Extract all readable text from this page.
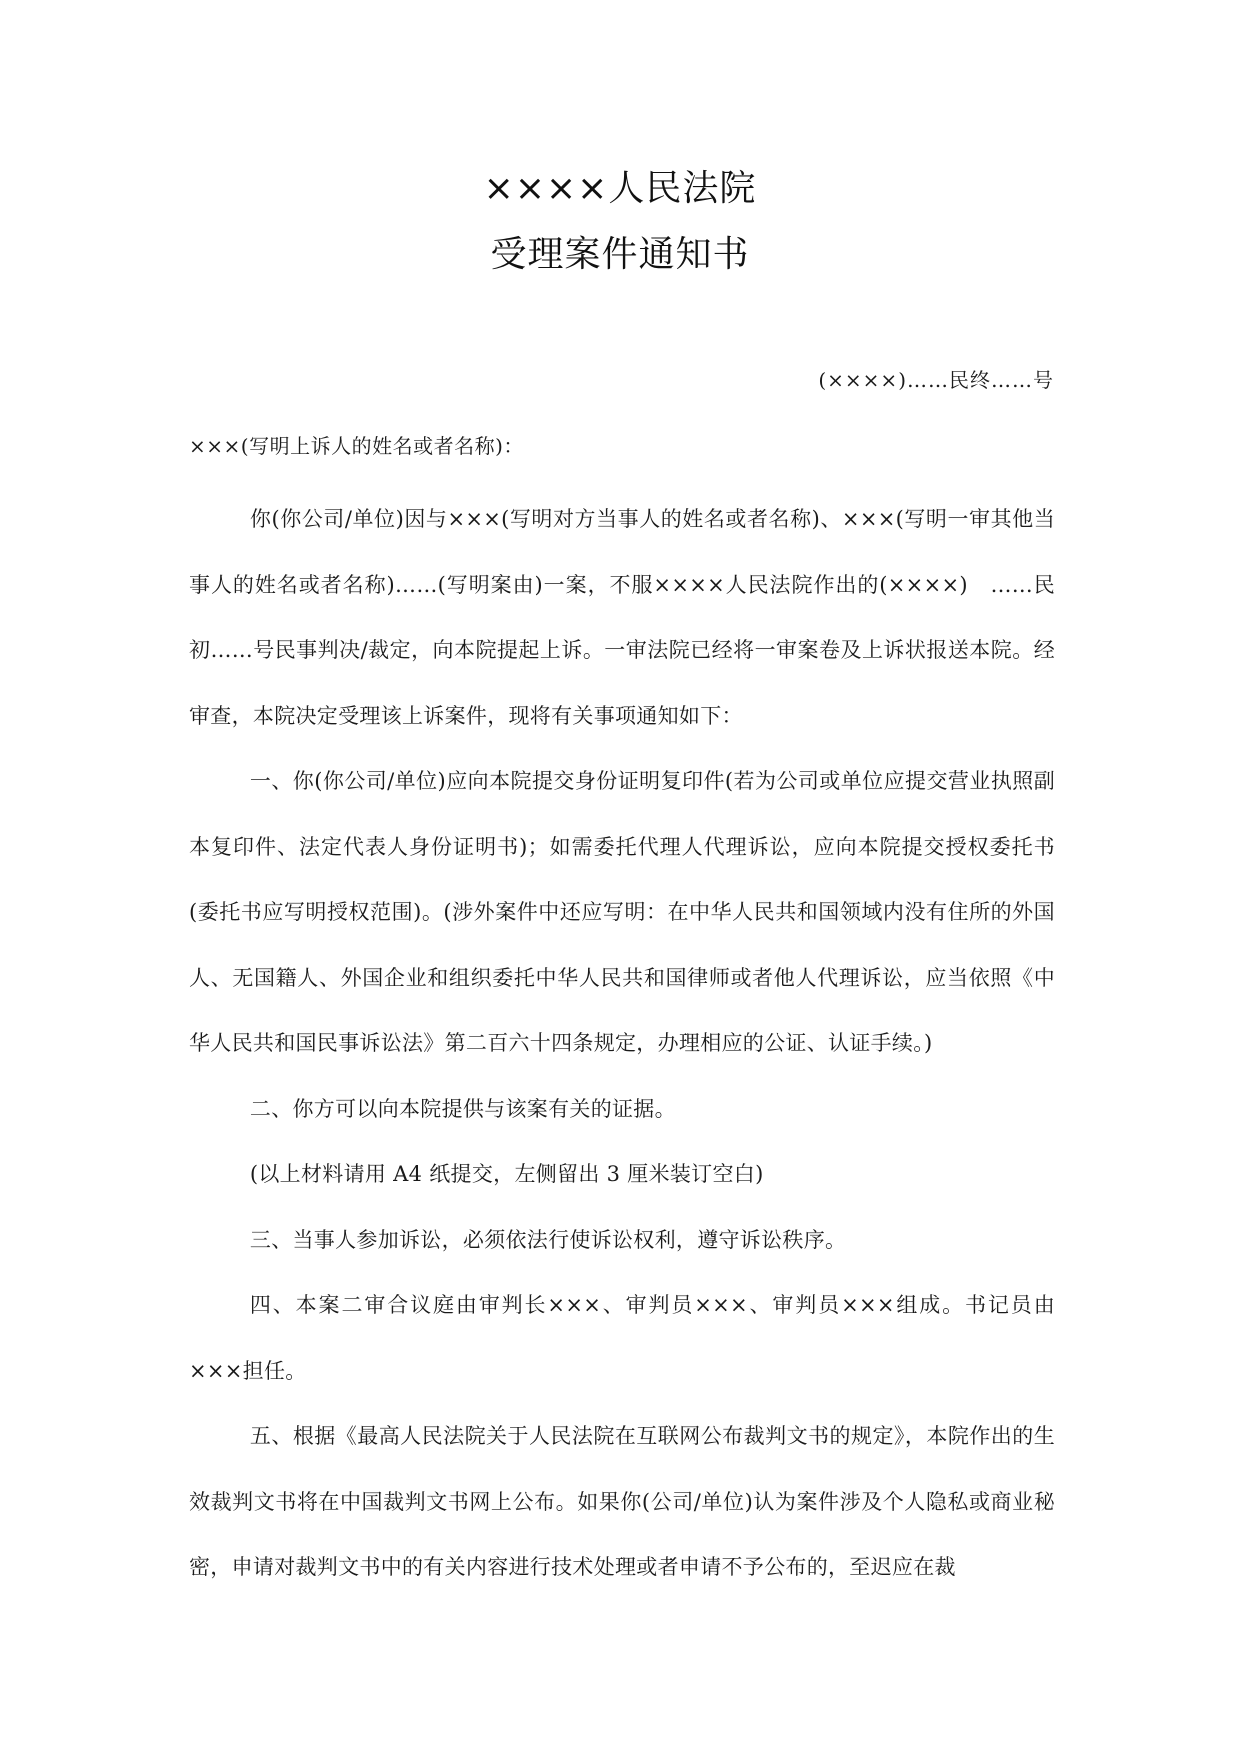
××××人民法院
受理案件通知书
(××××)……民终……号
×××(写明上诉人的姓名或者名称)：

你(你公司/单位)因与×××(写明对方当事人的姓名或者名称)、×××(写明一审其他当事人的姓名或者名称)……(写明案由)一案，不服××××人民法院作出的(××××)　……民初……号民事判决/裁定，向本院提起上诉。一审法院已经将一审案卷及上诉状报送本院。经审查，本院决定受理该上诉案件，现将有关事项通知如下：

一、你(你公司/单位)应向本院提交身份证明复印件(若为公司或单位应提交营业执照副本复印件、法定代表人身份证明书)；如需委托代理人代理诉讼，应向本院提交授权委托书(委托书应写明授权范围)。(涉外案件中还应写明：在中华人民共和国领域内没有住所的外国人、无国籍人、外国企业和组织委托中华人民共和国律师或者他人代理诉讼，应当依照《中华人民共和国民事诉讼法》第二百六十四条规定，办理相应的公证、认证手续。)

二、你方可以向本院提供与该案有关的证据。

(以上材料请用 A4 纸提交，左侧留出 3 厘米装订空白)

三、当事人参加诉讼，必须依法行使诉讼权利，遵守诉讼秩序。

四、本案二审合议庭由审判长×××、审判员×××、审判员×××组成。书记员由×××担任。

五、根据《最高人民法院关于人民法院在互联网公布裁判文书的规定》，本院作出的生效裁判文书将在中国裁判文书网上公布。如果你(公司/单位)认为案件涉及个人隐私或商业秘密，申请对裁判文书中的有关内容进行技术处理或者申请不予公布的，至迟应在裁
